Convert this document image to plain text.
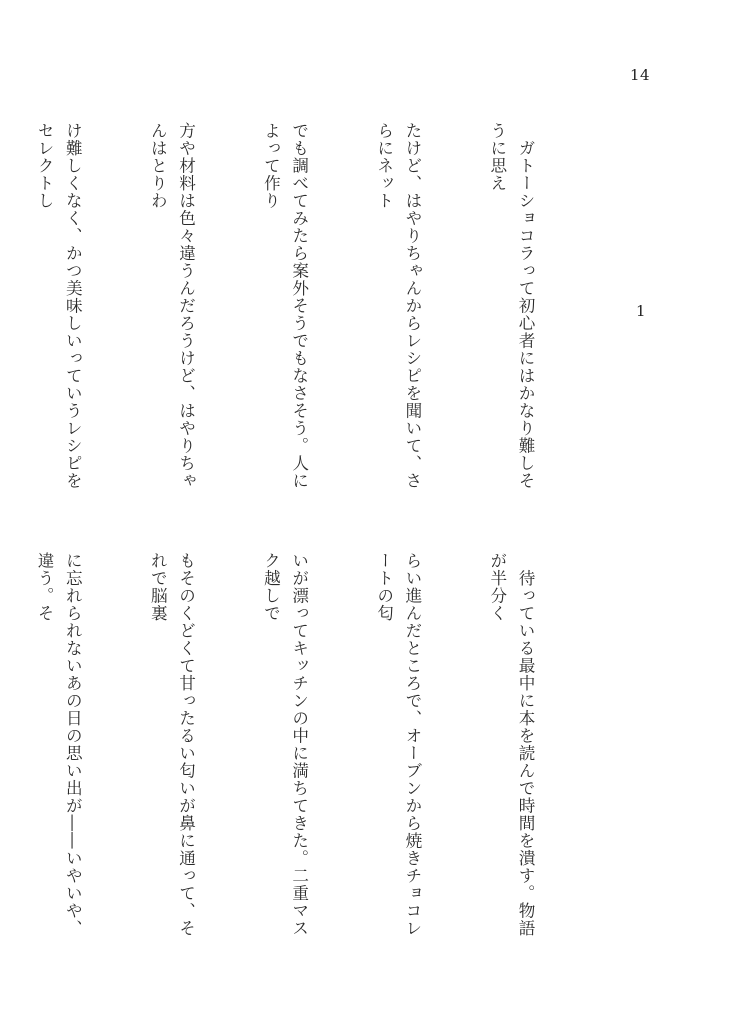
14
1

　ガトーショコラって初心者にはかなり難しそうに思え

たけど、はやりちゃんからレシピを聞いて、さらにネット

でも調べてみたら案外そうでもなさそう。人によって作り

方や材料は色々違うんだろうけど、はやりちゃんはとりわ

け難しくなく、かつ美味しいっていうレシピをセレクトし

　待っている最中に本を読んで時間を潰す。物語が半分く

らい進んだところで、オーブンから焼きチョコレートの匂

いが漂ってキッチンの中に満ちてきた。二重マスク越しで

もそのくどくて甘ったるい匂いが鼻に通って、それで脳裏

に忘れられないあの日の思い出が――いやいや、違う。そ
